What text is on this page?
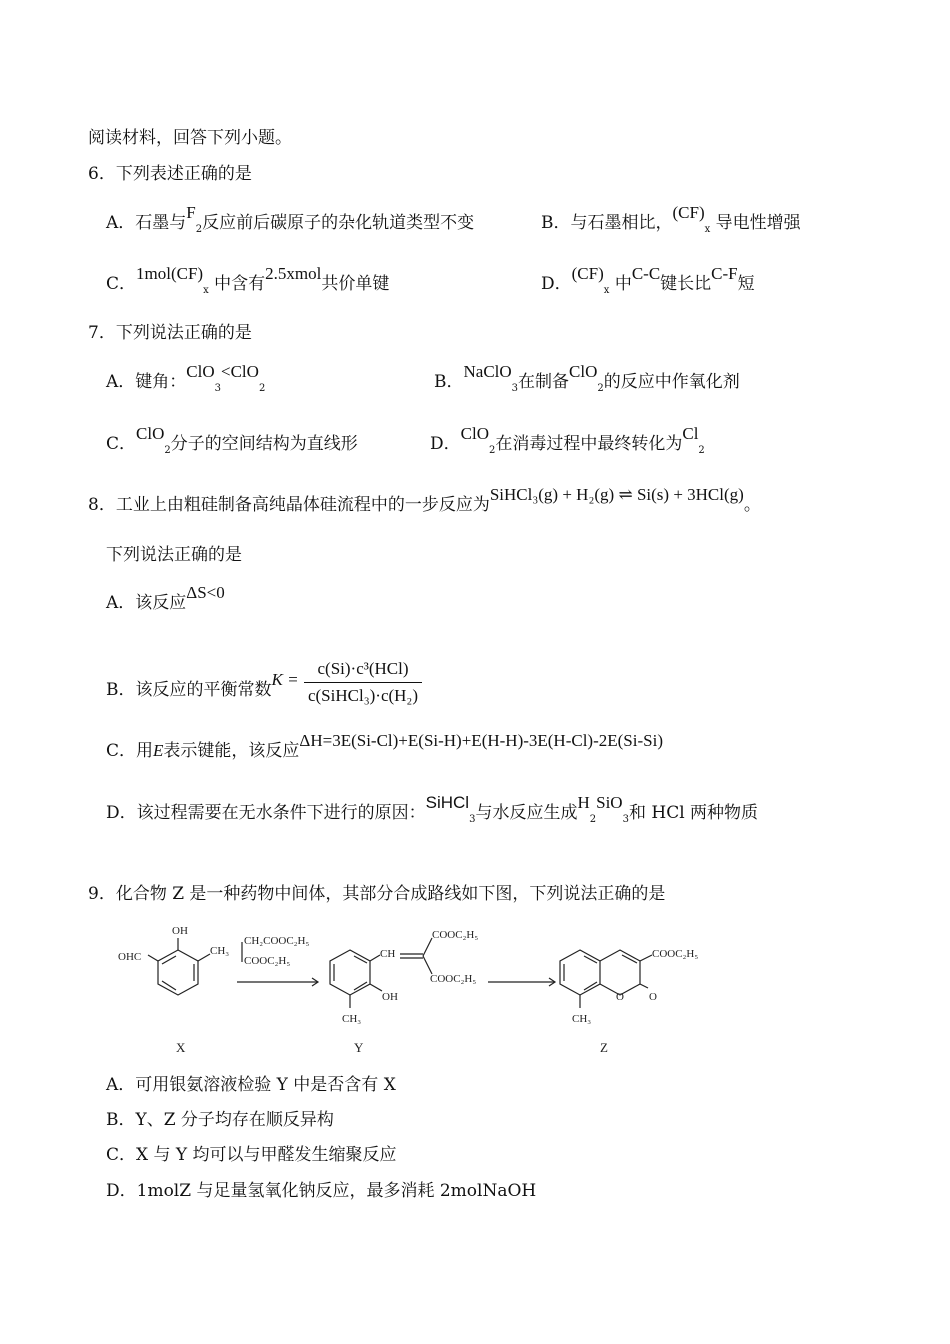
阅读材料，回答下列小题。
6．下列表述正确的是
A．石墨与$F_2$反应前后碳原子的杂化轨道类型不变	B．与石墨相比，$(CF)_x$ 导电性增强
C．$1mol(CF)_x$ 中含有2.5xmol共价单键	D．$(CF)_x$ 中C-C键长比C-F短
7．下列说法正确的是
A．键角：ClO$_3$<ClO$_2$	B．NaClO$_3$在制备ClO$_2$的反应中作氧化剂
C．ClO$_2$分子的空间结构为直线形	D．ClO$_2$在消毒过程中最终转化为$Cl_2$
8．工业上由粗硅制备高纯晶体硅流程中的一步反应为SiHCl₃(g) + H₂(g) ⇌ Si(s) + 3HCl(g)。
下列说法正确的是
A．该反应ΔS<0
B．该反应的平衡常数$K = \frac{\text{c(Si)·c³(HCl)}}{\text{c(SiHCl₃)·c(H₂)}}$
C．用E表示键能，该反应ΔH=3E(Si-Cl)+E(Si-H)+E(H-H)-3E(H-Cl)-2E(Si-Si)
D．该过程需要在无水条件下进行的原因：SiHCl$_3$与水反应生成$H_2SiO_3$和 HCl 两种物质
9．化合物 Z 是一种药物中间体，其部分合成路线如下图，下列说法正确的是
OH
OHC	CH₃
CH₂COOC₂H₅
COOC₂H₅
CH
COOC₂H₅
COOC₂H₅
OH
CH₃
COOC₂H₅
O O
CH₃
X	Y	Z
A．可用银氨溶液检验 Y 中是否含有 X
B．Y、Z 分子均存在顺反异构
C．X 与 Y 均可以与甲醛发生缩聚反应
D．1molZ 与足量氢氧化钠反应，最多消耗 2molNaOH
